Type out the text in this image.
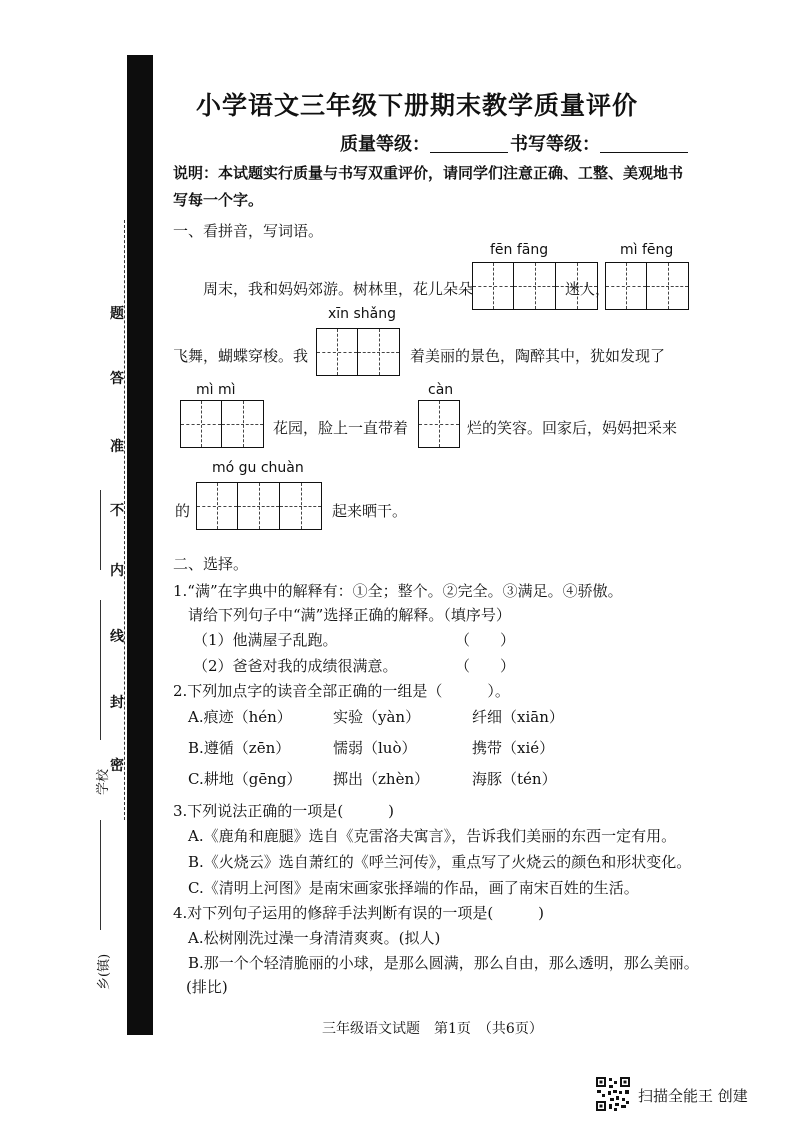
题
答
准
不
内
线
封
密
学校
乡(镇)
小学语文三年级下册期末教学质量评价
质量等级：	书写等级：
说明：本试题实行质量与书写双重评价，请同学们注意正确、工整、美观地书写每一个字。
一、看拼音，写词语。
fēn fāng	mì fēng
周末，我和妈妈郊游。树林里，花儿朵朵	迷人，
xīn shǎng
飞舞，蝴蝶穿梭。我	着美丽的景色，陶醉其中，犹如发现了
mì mì	càn
花园，脸上一直带着	烂的笑容。回家后，妈妈把采来
mó gu chuàn
的	起来晒干。
二、选择。
1.“满”在字典中的解释有：①全；整个。②完全。③满足。④骄傲。
请给下列句子中“满”选择正确的解释。（填序号）
（1）他满屋子乱跑。	（　　）
（2）爸爸对我的成绩很满意。	（　　）
2.下列加点字的读音全部正确的一组是（　　　）。
A.痕迹（hén）	实验（yàn）	纤细（xiān）
B.遵循（zēn）	懦弱（luò）	携带（xié）
C.耕地（gēng） 掷出（zhèn）	海豚（tén）
3.下列说法正确的一项是(　　　)
A.《鹿角和鹿腿》选自《克雷洛夫寓言》，告诉我们美丽的东西一定有用。
B.《火烧云》选自萧红的《呼兰河传》，重点写了火烧云的颜色和形状变化。
C.《清明上河图》是南宋画家张择端的作品，画了南宋百姓的生活。
4.对下列句子运用的修辞手法判断有误的一项是(　　　)
A.松树刚洗过澡一身清清爽爽。(拟人)
B.那一个个轻清脆丽的小球，是那么圆满，那么自由，那么透明，那么美丽。
(排比)
三年级语文试题　第1页　（共6页）
扫描全能王 创建
